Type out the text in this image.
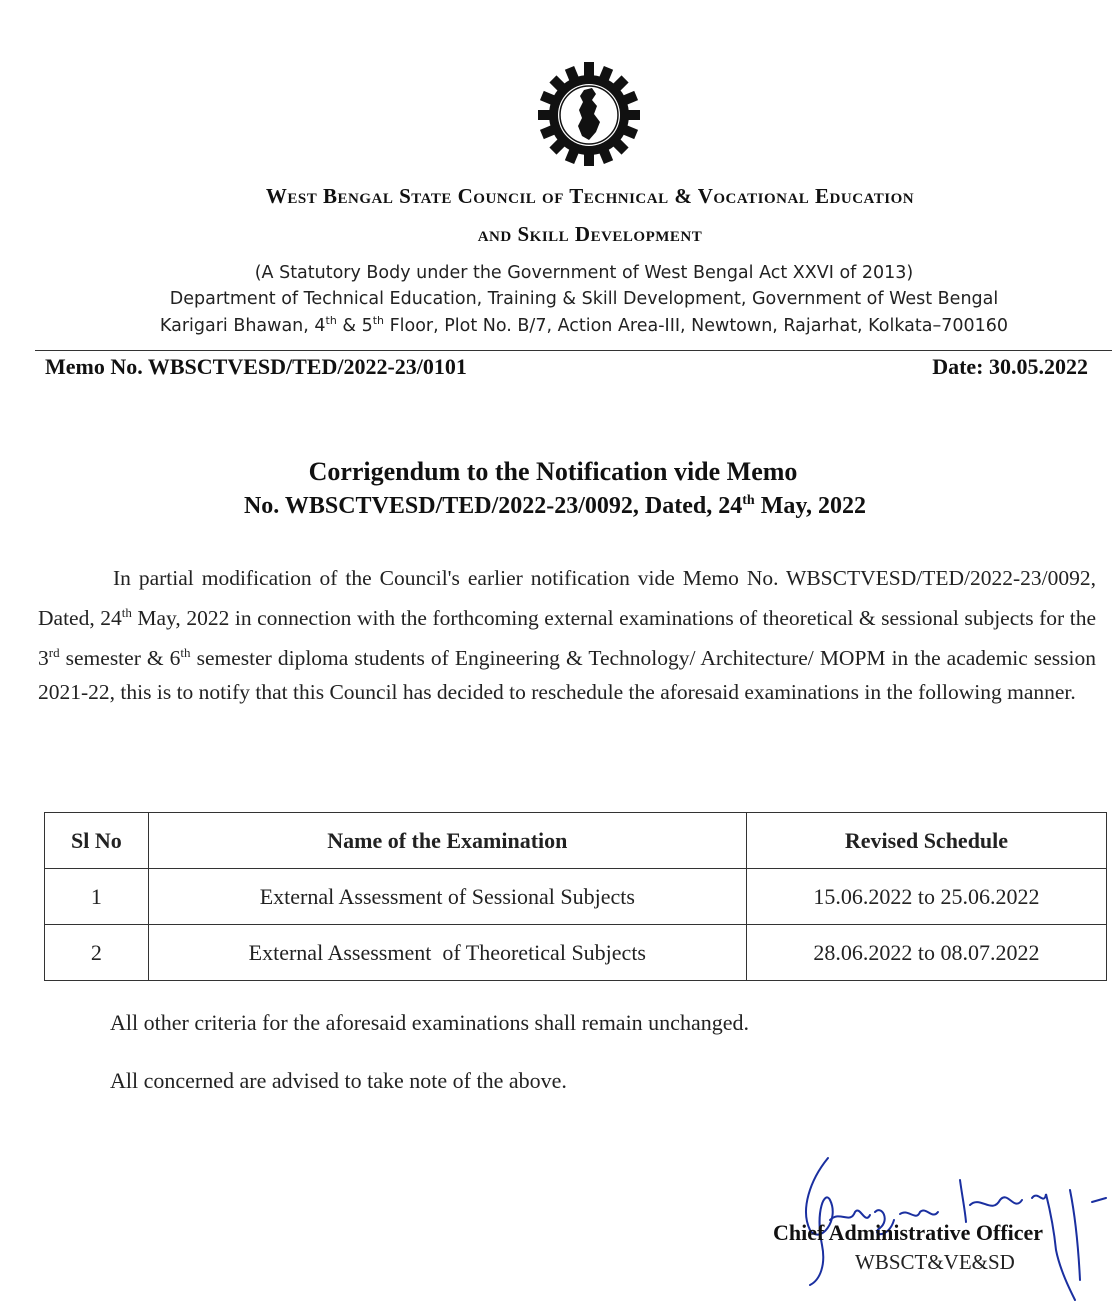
West Bengal State Council of Technical & Vocational Education
and Skill Development
(A Statutory Body under the Government of West Bengal Act XXVI of 2013)
Department of Technical Education, Training & Skill Development, Government of West Bengal
Karigari Bhawan, 4th & 5th Floor, Plot No. B/7, Action Area-III, Newtown, Rajarhat, Kolkata–700160
Memo No. WBSCTVESD/TED/2022-23/0101	Date: 30.05.2022
Corrigendum to the Notification vide Memo
No. WBSCTVESD/TED/2022-23/0092, Dated, 24th May, 2022
In partial modification of the Council's earlier notification vide Memo No. WBSCTVESD/TED/2022-23/0092, Dated, 24th May, 2022 in connection with the forthcoming external examinations of theoretical & sessional subjects for the 3rd semester & 6th semester diploma students of Engineering & Technology/ Architecture/ MOPM in the academic session 2021-22, this is to notify that this Council has decided to reschedule the aforesaid examinations in the following manner.
Sl No	Name of the Examination	Revised Schedule
1	External Assessment of Sessional Subjects	15.06.2022 to 25.06.2022
2	External Assessment  of Theoretical Subjects	28.06.2022 to 08.07.2022
All other criteria for the aforesaid examinations shall remain unchanged.
All concerned are advised to take note of the above.
Chief Administrative Officer
WBSCT&VE&SD
